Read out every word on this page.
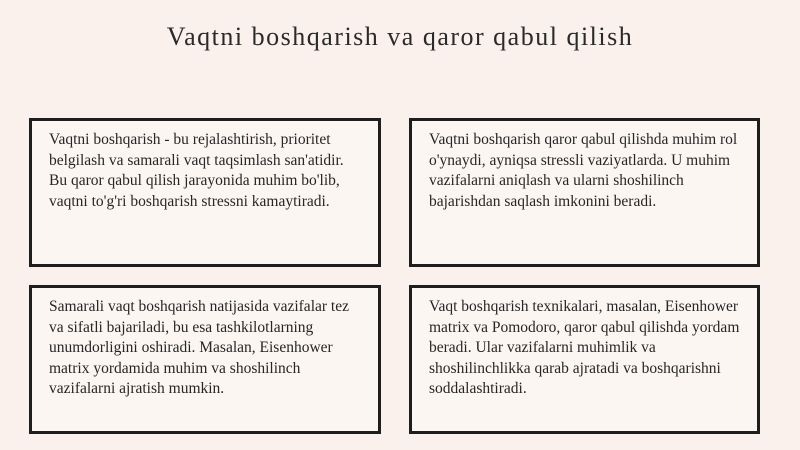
Vaqtni boshqarish va qaror qabul qilish

Vaqtni boshqarish - bu rejalashtirish, prioritet belgilash va samarali vaqt taqsimlash san'atidir. Bu qaror qabul qilish jarayonida muhim bo'lib, vaqtni to'g'ri boshqarish stressni kamaytiradi.

Vaqtni boshqarish qaror qabul qilishda muhim rol o'ynaydi, ayniqsa stressli vaziyatlarda. U muhim vazifalarni aniqlash va ularni shoshilinch bajarishdan saqlash imkonini beradi.

Samarali vaqt boshqarish natijasida vazifalar tez va sifatli bajariladi, bu esa tashkilotlarning unumdorligini oshiradi. Masalan, Eisenhower matrix yordamida muhim va shoshilinch vazifalarni ajratish mumkin.

Vaqt boshqarish texnikalari, masalan, Eisenhower matrix va Pomodoro, qaror qabul qilishda yordam beradi. Ular vazifalarni muhimlik va shoshilinchlikka qarab ajratadi va boshqarishni soddalashtiradi.
